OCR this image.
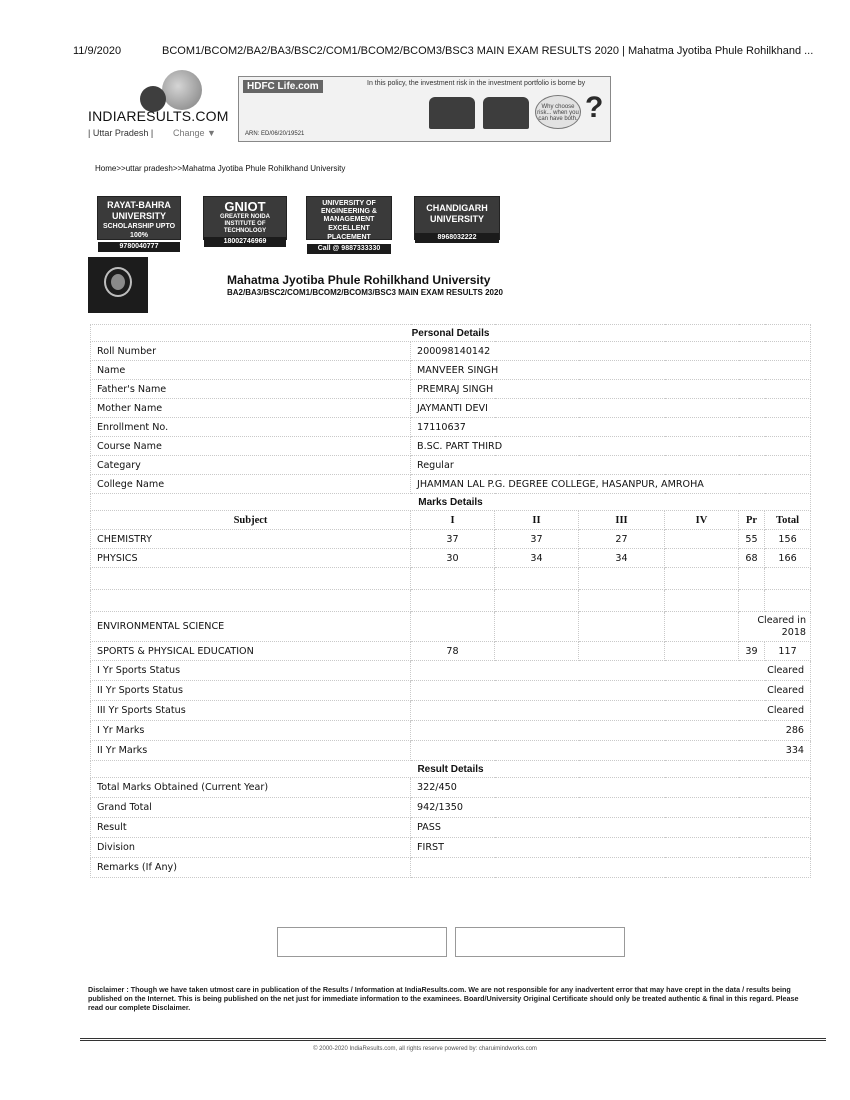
11/9/2020	BCOM1/BCOM2/BA2/BA3/BSC2/COM1/BCOM2/BCOM3/BSC3 MAIN EXAM RESULTS 2020 | Mahatma Jyotiba Phule Rohilkhand ...
INDIARESULTS.COM
| Uttar Pradesh | Change ▼
HDFC Life.com	In this policy, the investment risk in the investment portfolio is borne by
Why choose risk... when you can have both. ?
ARN: ED/06/20/19521
Home>>uttar pradesh>>Mahatma Jyotiba Phule Rohilkhand University
RAYAT-BAHRA UNIVERSITY
SCHOLARSHIP UPTO 100%
9780040777
GNIOT
GREATER NOIDA INSTITUTE OF TECHNOLOGY
18002746969
UNIVERSITY OF ENGINEERING & MANAGEMENT
EXCELLENT PLACEMENT
Call @ 9887333330
CHANDIGARH UNIVERSITY
8968032222
Mahatma Jyotiba Phule Rohilkhand University
BA2/BA3/BSC2/COM1/BCOM2/BCOM3/BSC3 MAIN EXAM RESULTS 2020
Personal Details						
Roll Number	200098140142					
Name	MANVEER SINGH					
Father's Name	PREMRAJ SINGH					
Mother Name	JAYMANTI DEVI					
Enrollment No.	17110637					
Course Name	B.SC. PART THIRD					
Categary	Regular					
College Name	JHAMMAN LAL P.G. DEGREE COLLEGE, HASANPUR, AMROHA					
Marks Details						
Subject	I	II	III	IV	Pr	Total
CHEMISTRY	37	37	27		55	156
PHYSICS	30	34	34		68	166

ENVIRONMENTAL SCIENCE					Cleared in 2018	
SPORTS & PHYSICAL EDUCATION	78				39	117
I Yr Sports Status	Cleared					
II Yr Sports Status	Cleared					
III Yr Sports Status	Cleared					
I Yr Marks	286					
II Yr Marks	334					
Result Details						
Total Marks Obtained (Current Year)	322/450					
Grand Total	942/1350					
Result	PASS					
Division	FIRST					
Remarks (If Any)						
Disclaimer : Though we have taken utmost care in publication of the Results / Information at IndiaResults.com. We are not responsible for any inadvertent error that may have crept in the data / results being published on the Internet. This is being published on the net just for immediate information to the examinees. Board/University Original Certificate should only be treated authentic & final in this regard. Please read our complete Disclaimer.
© 2000-2020 IndiaResults.com, all rights reserve powered by: charuimindworks.com
